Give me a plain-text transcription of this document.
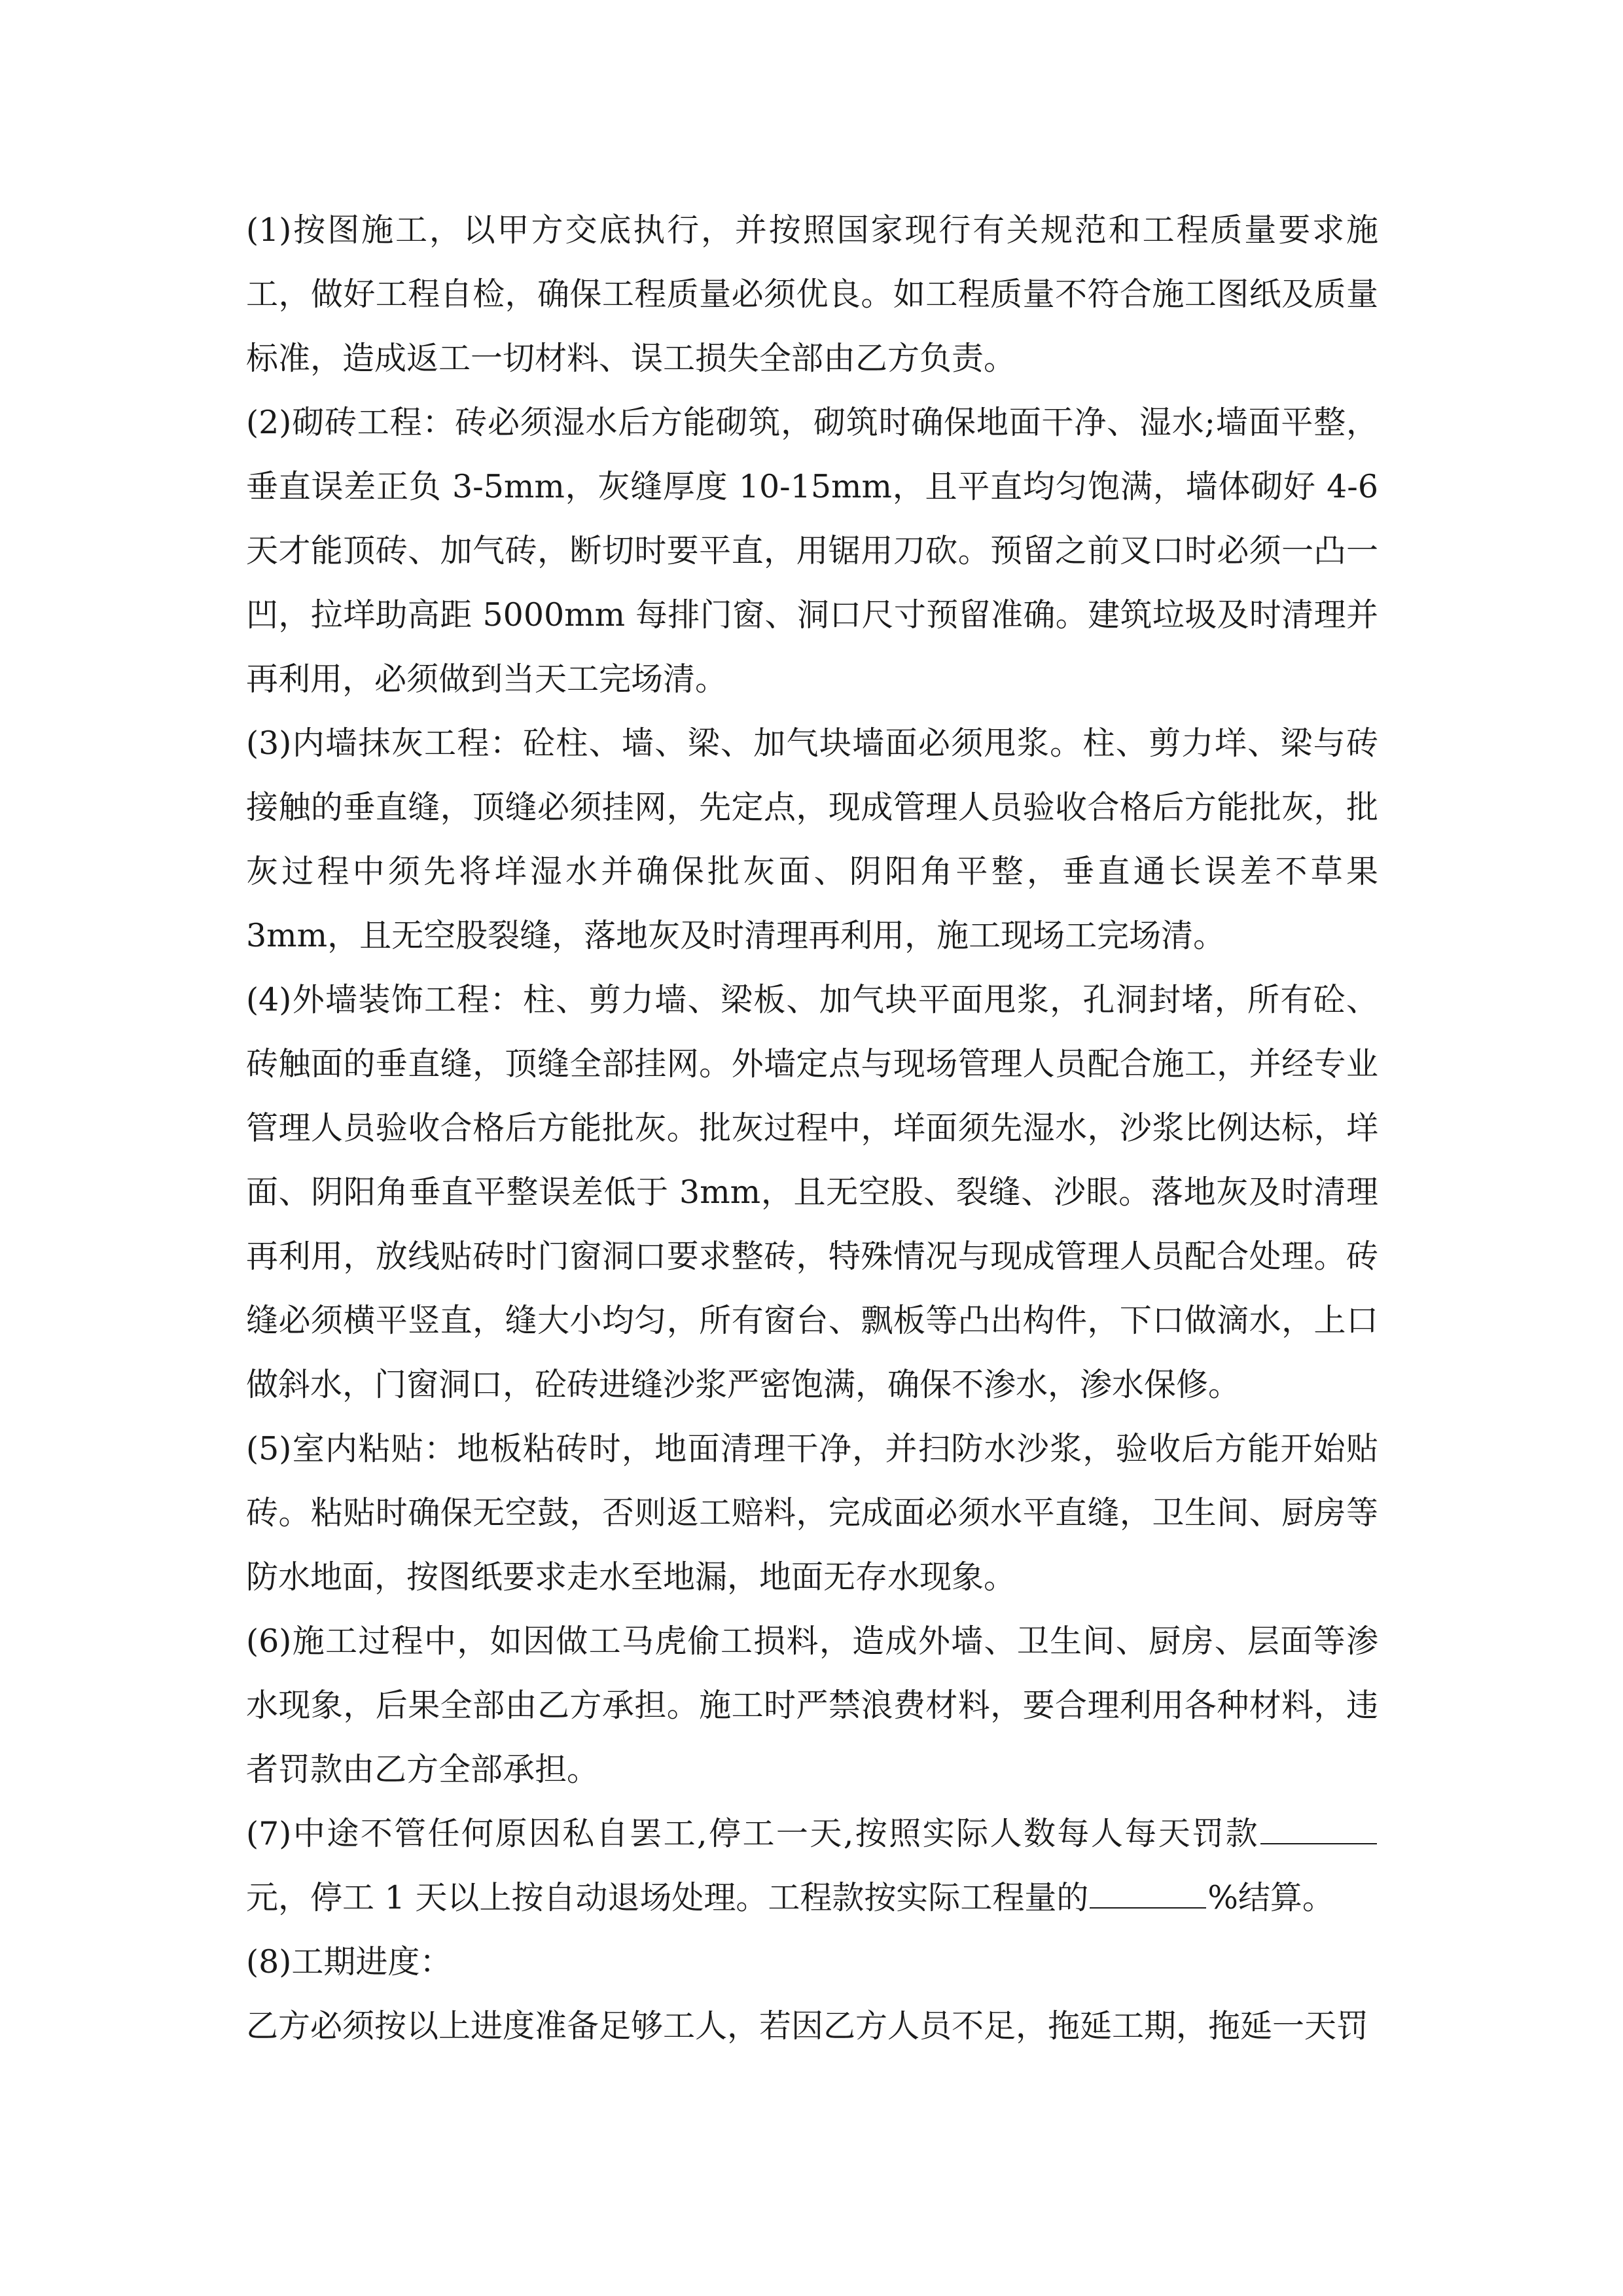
(1)按图施工，以甲方交底执行，并按照国家现行有关规范和工程质量要求施工，做好工程自检，确保工程质量必须优良。如工程质量不符合施工图纸及质量标准，造成返工一切材料、误工损失全部由乙方负责。

(2)砌砖工程：砖必须湿水后方能砌筑，砌筑时确保地面干净、湿水;墙面平整，垂直误差正负 3-5mm，灰缝厚度 10-15mm，且平直均匀饱满，墙体砌好 4-6 天才能顶砖、加气砖，断切时要平直，用锯用刀砍。预留之前叉口时必须一凸一凹，拉垟助高距 5000mm 每排门窗、洞口尺寸预留准确。建筑垃圾及时清理并再利用，必须做到当天工完场清。

(3)内墙抹灰工程：砼柱、墙、梁、加气块墙面必须甩浆。柱、剪力垟、梁与砖接触的垂直缝，顶缝必须挂网，先定点，现成管理人员验收合格后方能批灰，批灰过程中须先将垟湿水并确保批灰面、阴阳角平整，垂直通长误差不草果 3mm，且无空股裂缝，落地灰及时清理再利用，施工现场工完场清。

(4)外墙装饰工程：柱、剪力墙、梁板、加气块平面甩浆，孔洞封堵，所有砼、砖触面的垂直缝，顶缝全部挂网。外墙定点与现场管理人员配合施工，并经专业管理人员验收合格后方能批灰。批灰过程中，垟面须先湿水，沙浆比例达标，垟面、阴阳角垂直平整误差低于 3mm，且无空股、裂缝、沙眼。落地灰及时清理再利用，放线贴砖时门窗洞口要求整砖，特殊情况与现成管理人员配合处理。砖缝必须横平竖直，缝大小均匀，所有窗台、飘板等凸出构件，下口做滴水，上口做斜水，门窗洞口，砼砖进缝沙浆严密饱满，确保不渗水，渗水保修。

(5)室内粘贴：地板粘砖时，地面清理干净，并扫防水沙浆，验收后方能开始贴砖。粘贴时确保无空鼓，否则返工赔料，完成面必须水平直缝，卫生间、厨房等防水地面，按图纸要求走水至地漏，地面无存水现象。

(6)施工过程中，如因做工马虎偷工损料，造成外墙、卫生间、厨房、层面等渗水现象，后果全部由乙方承担。施工时严禁浪费材料，要合理利用各种材料，违者罚款由乙方全部承担。

(7)中途不管任何原因私自罢工,停工一天,按照实际人数每人每天罚款元，停工 1 天以上按自动退场处理。工程款按实际工程量的	%结算。

(8)工期进度：

乙方必须按以上进度准备足够工人，若因乙方人员不足，拖延工期，拖延一天罚
